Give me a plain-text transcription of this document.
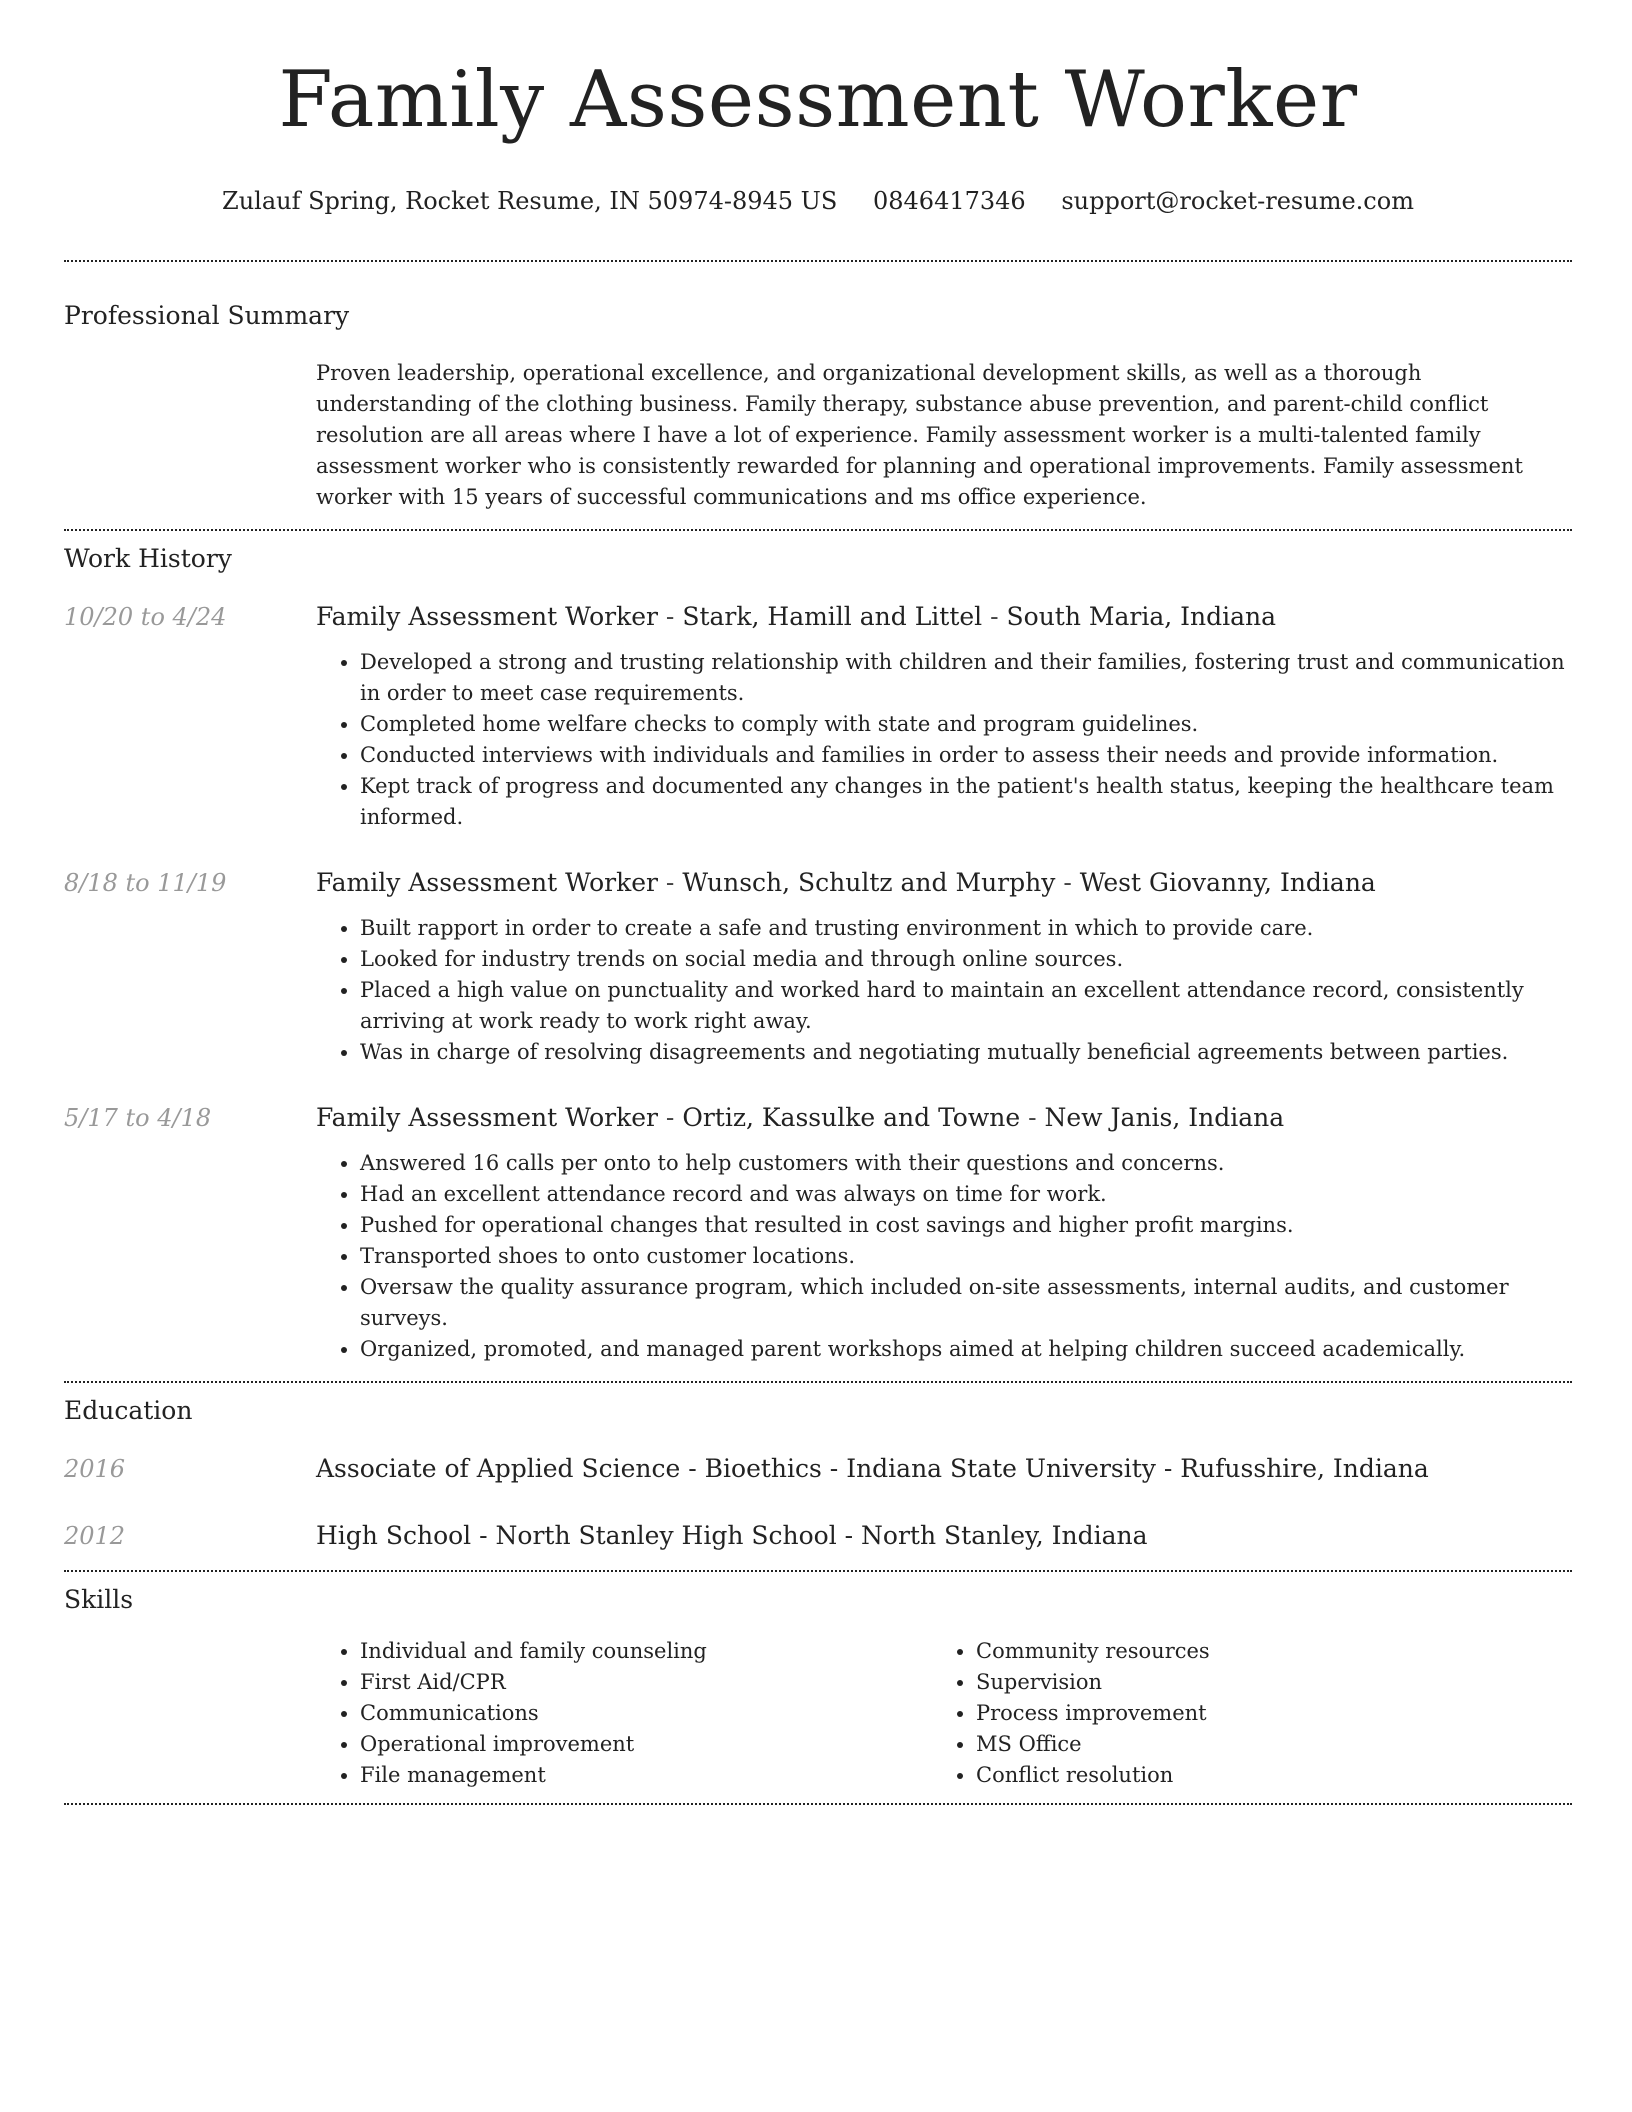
Family Assessment Worker
Zulauf Spring, Rocket Resume, IN 50974-8945 US 0846417346 support@rocket-resume.com
Professional Summary

Proven leadership, operational excellence, and organizational development skills, as well as a thorough understanding of the clothing business. Family therapy, substance abuse prevention, and parent-child conflict resolution are all areas where I have a lot of experience. Family assessment worker is a multi-talented family assessment worker who is consistently rewarded for planning and operational improvements. Family assessment worker with 15 years of successful communications and ms office experience.

Work History
10/20 to 4/24	Family Assessment Worker - Stark, Hamill and Littel - South Maria, Indiana
• Developed a strong and trusting relationship with children and their families, fostering trust and communication in order to meet case requirements.
• Completed home welfare checks to comply with state and program guidelines.
• Conducted interviews with individuals and families in order to assess their needs and provide information.
• Kept track of progress and documented any changes in the patient's health status, keeping the healthcare team informed.
8/18 to 11/19	Family Assessment Worker - Wunsch, Schultz and Murphy - West Giovanny, Indiana
• Built rapport in order to create a safe and trusting environment in which to provide care.
• Looked for industry trends on social media and through online sources.
• Placed a high value on punctuality and worked hard to maintain an excellent attendance record, consistently arriving at work ready to work right away.
• Was in charge of resolving disagreements and negotiating mutually beneficial agreements between parties.
5/17 to 4/18	Family Assessment Worker - Ortiz, Kassulke and Towne - New Janis, Indiana
• Answered 16 calls per onto to help customers with their questions and concerns.
• Had an excellent attendance record and was always on time for work.
• Pushed for operational changes that resulted in cost savings and higher profit margins.
• Transported shoes to onto customer locations.
• Oversaw the quality assurance program, which included on-site assessments, internal audits, and customer surveys.
• Organized, promoted, and managed parent workshops aimed at helping children succeed academically.
Education
2016	Associate of Applied Science - Bioethics - Indiana State University - Rufusshire, Indiana
2012	High School - North Stanley High School - North Stanley, Indiana
Skills
• Individual and family counseling
• First Aid/CPR
• Communications
• Operational improvement
• File management
• Community resources
• Supervision
• Process improvement
• MS Office
• Conflict resolution
